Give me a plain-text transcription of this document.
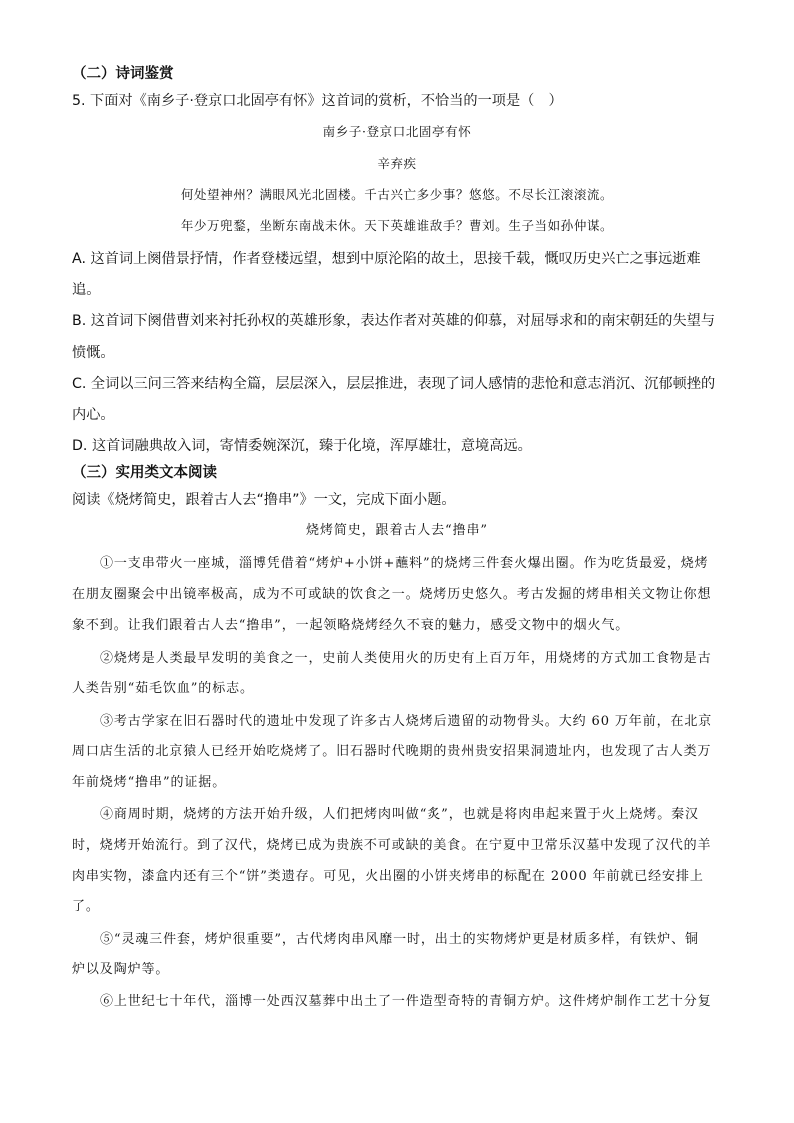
（二）诗词鉴赏
5. 下面对《南乡子·登京口北固亭有怀》这首词的赏析，不恰当的一项是（　）
南乡子·登京口北固亭有怀
辛弃疾
何处望神州？满眼风光北固楼。千古兴亡多少事？悠悠。不尽长江滚滚流。
年少万兜鍪，坐断东南战未休。天下英雄谁敌手？曹刘。生子当如孙仲谋。
A. 这首词上阕借景抒情，作者登楼远望，想到中原沦陷的故土，思接千载，慨叹历史兴亡之事远逝难
追。
B. 这首词下阕借曹刘来衬托孙权的英雄形象，表达作者对英雄的仰慕，对屈辱求和的南宋朝廷的失望与
愤慨。
C. 全词以三问三答来结构全篇，层层深入，层层推进，表现了词人感情的悲怆和意志消沉、沉郁顿挫的
内心。
D. 这首词融典故入词，寄情委婉深沉，臻于化境，浑厚雄壮，意境高远。
（三）实用类文本阅读
阅读《烧烤简史，跟着古人去“撸串”》一文，完成下面小题。
烧烤简史，跟着古人去“撸串”
①一支串带火一座城，淄博凭借着“烤炉+小饼+蘸料”的烧烤三件套火爆出圈。作为吃货最爱，烧烤
在朋友圈聚会中出镜率极高，成为不可或缺的饮食之一。烧烤历史悠久。考古发掘的烤串相关文物让你想
象不到。让我们跟着古人去“撸串”，一起领略烧烤经久不衰的魅力，感受文物中的烟火气。
②烧烤是人类最早发明的美食之一，史前人类使用火的历史有上百万年，用烧烤的方式加工食物是古
人类告别“茹毛饮血”的标志。
③考古学家在旧石器时代的遗址中发现了许多古人烧烤后遗留的动物骨头。大约 60 万年前，在北京
周口店生活的北京猿人已经开始吃烧烤了。旧石器时代晚期的贵州贵安招果洞遗址内，也发现了古人类万
年前烧烤“撸串”的证据。
④商周时期，烧烤的方法开始升级，人们把烤肉叫做“炙”，也就是将肉串起来置于火上烧烤。秦汉
时，烧烤开始流行。到了汉代，烧烤已成为贵族不可或缺的美食。在宁夏中卫常乐汉墓中发现了汉代的羊
肉串实物，漆盒内还有三个“饼”类遗存。可见，火出圈的小饼夹烤串的标配在 2000 年前就已经安排上
了。
⑤“灵魂三件套，烤炉很重要”，古代烤肉串风靡一时，出土的实物烤炉更是材质多样，有铁炉、铜
炉以及陶炉等。
⑥上世纪七十年代，淄博一处西汉墓葬中出土了一件造型奇特的青铜方炉。这件烤炉制作工艺十分复
